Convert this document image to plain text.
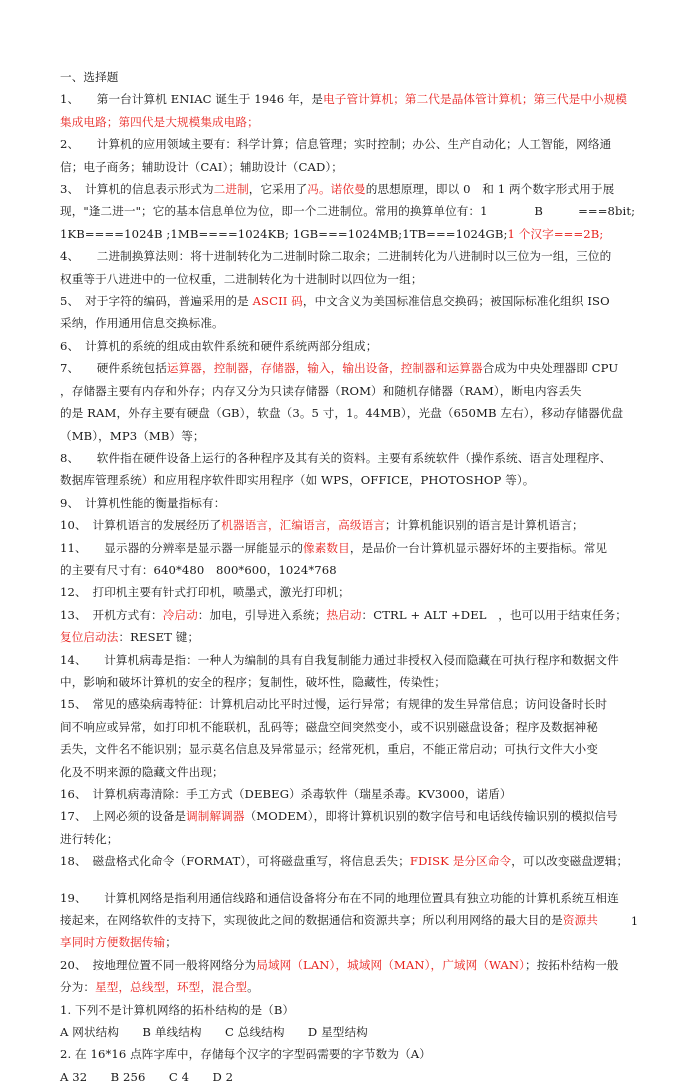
一、选择题
1、　　第一台计算机 ENIAC 诞生于 1946 年，是电子管计算机；第二代是晶体管计算机；第三代是中小规模
集成电路；第四代是大规模集成电路；
2、　　计算机的应用领域主要有：科学计算；信息管理；实时控制；办公、生产自动化；人工智能，网络通
信；电子商务；辅助设计（CAI）；辅助设计（CAD）；
3、　计算机的信息表示形式为二进制，它采用了冯。诺依曼的思想原理，即以 0　和 1 两个数字形式用于展
现，"逢二进一"；它的基本信息单位为位，即一个二进制位。常用的换算单位有：1　　　　B　　　===8bit;
1KB====1024B ;1MB====1024KB; 1GB===1024MB;1TB===1024GB;1 个汉字===2B;
4、　　二进制换算法则：将十进制转化为二进制时除二取余；二进制转化为八进制时以三位为一组，三位的
权重等于八进进中的一位权重，二进制转化为十进制时以四位为一组；
5、　对于字符的编码，普遍采用的是 ASCII 码，中文含义为美国标准信息交换码；被国际标准化组织 ISO
采纳，作用通用信息交换标准。
6、　计算机的系统的组成由软件系统和硬件系统两部分组成；
7、　　硬件系统包括运算器，控制器，存储器，输入，输出设备，控制器和运算器合成为中央处理器即 CPU
，存储器主要有内存和外存；内存又分为只读存储器（ROM）和随机存储器（RAM），断电内容丢失
的是 RAM，外存主要有硬盘（GB），软盘（3。5 寸，1。44MB），光盘（650MB 左右），移动存储器优盘
（MB），MP3（MB）等；
8、　　软件指在硬件设备上运行的各种程序及其有关的资料。主要有系统软件（操作系统、语言处理程序、
数据库管理系统）和应用程序软件即实用程序（如 WPS，OFFICE，PHOTOSHOP 等）。
9、　计算机性能的衡量指标有：
10、　计算机语言的发展经历了机器语言，汇编语言，高级语言；计算机能识别的语言是计算机语言；
11、　　显示器的分辨率是显示器一屏能显示的像素数目，是品价一台计算机显示器好坏的主要指标。常见
的主要有尺寸有：640*480　800*600，1024*768
12、　打印机主要有针式打印机，喷墨式，激光打印机；
13、　开机方式有：冷启动：加电，引导进入系统；热启动：CTRL + ALT +DEL　，也可以用于结束任务；
复位启动法：RESET 键；
14、　　计算机病毒是指：一种人为编制的具有自我复制能力通过非授权入侵而隐藏在可执行程序和数据文件
中，影响和破坏计算机的安全的程序；复制性，破坏性，隐藏性，传染性；
15、　常见的感染病毒特征：计算机启动比平时过慢，运行异常；有规律的发生异常信息；访问设备时长时
间不响应或异常，如打印机不能联机，乱码等；磁盘空间突然变小，或不识别磁盘设备；程序及数据神秘
丢失，文件名不能识别；显示莫名信息及异常显示；经常死机，重启，不能正常启动；可执行文件大小变
化及不明来源的隐藏文件出现；
16、　计算机病毒清除：手工方式（DEBEG）杀毒软件（瑞星杀毒。KV3000，诺盾）
17、　上网必须的设备是调制解调器（MODEM），即将计算机识别的数字信号和电话线传输识别的模拟信号
进行转化；
18、　磁盘格式化命令（FORMAT），可将磁盘重写，将信息丢失；FDISK 是分区命令，可以改变磁盘逻辑；
19、　　计算机网络是指利用通信线路和通信设备将分布在不同的地理位置具有独立功能的计算机系统互相连
接起来，在网络软件的支持下，实现彼此之间的数据通信和资源共享；所以利用网络的最大目的是资源共
享同时方便数据传输；
20、　按地理位置不同一般将网络分为局域网（LAN），城域网（MAN），广域网（WAN）；按拓朴结构一般
分为：星型，总线型，环型，混合型。
1. 下列不是计算机网络的拓朴结构的是（B）
A 网状结构　　B 单线结构　　C 总线结构　　D 星型结构
2. 在 16*16 点阵字库中，存储每个汉字的字型码需要的字节数为（A）
A 32　　B 256　　C 4　　D 2
1
